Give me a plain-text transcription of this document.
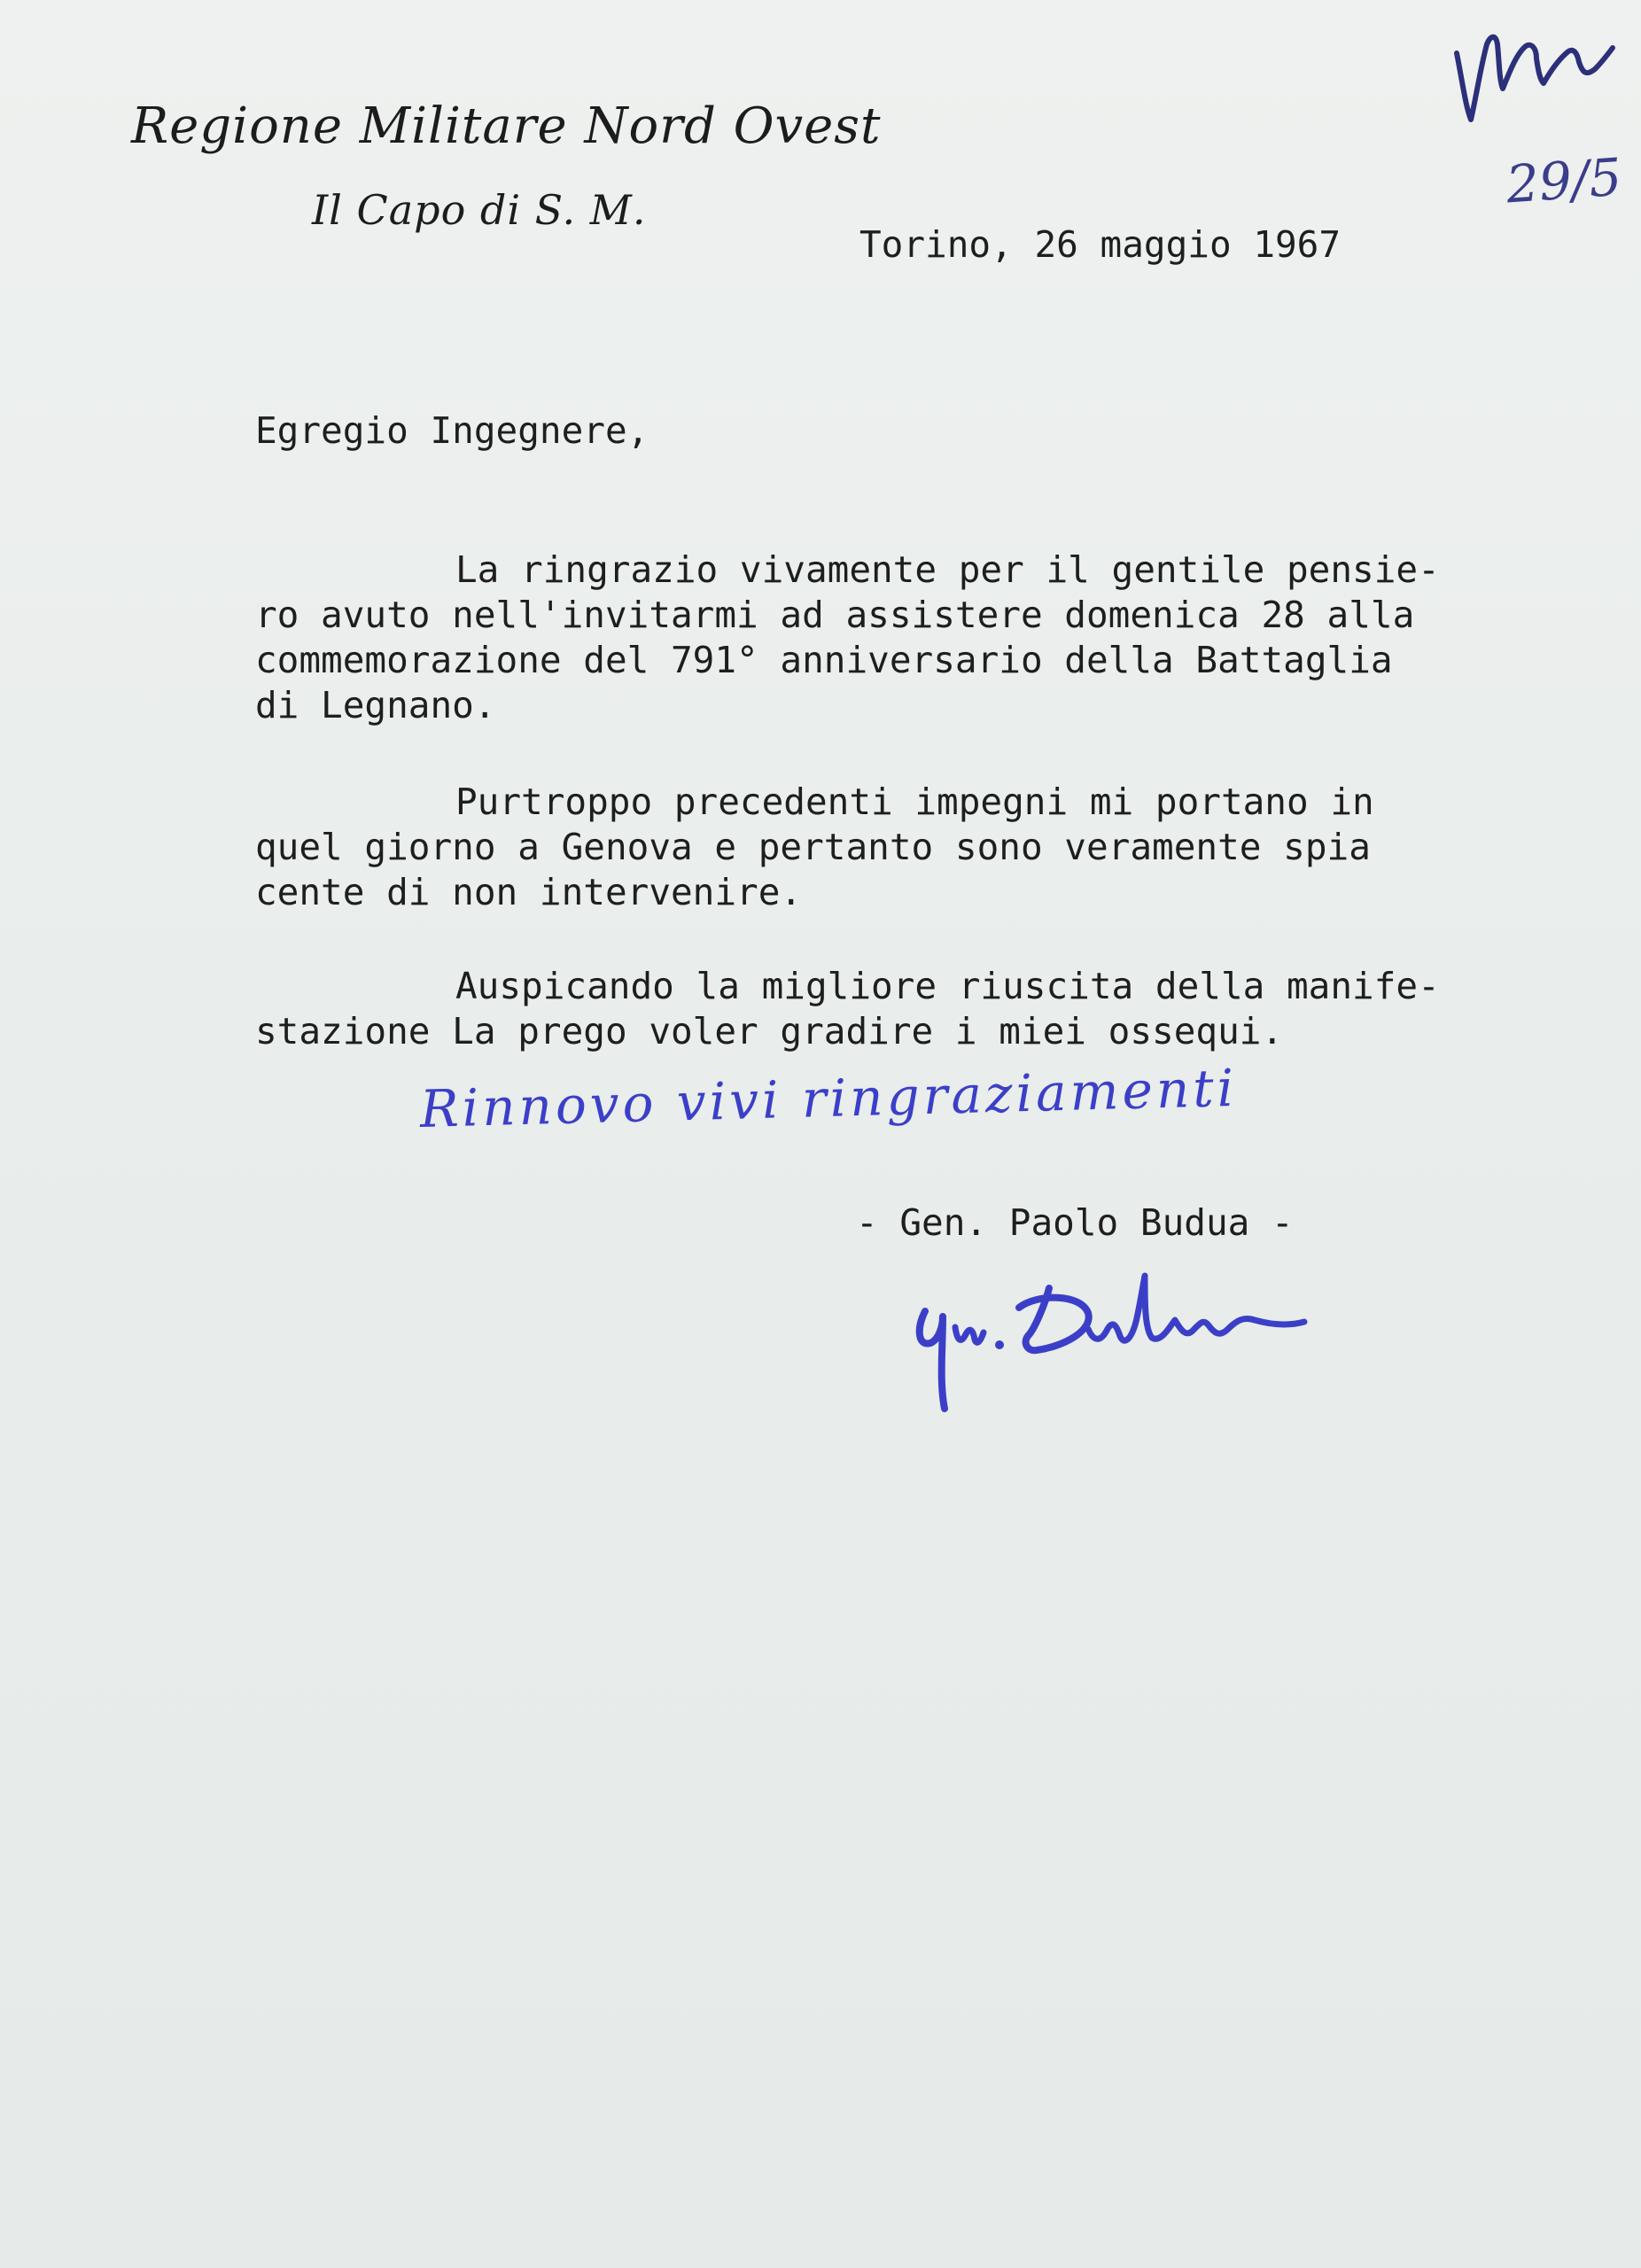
Regione Militare Nord Ovest
Il Capo di S. M.	29/5
Torino, 26 maggio 1967
Egregio Ingegnere,
La ringrazio vivamente per il gentile pensie-
ro avuto nell'invitarmi ad assistere domenica 28 alla
commemorazione del 791° anniversario della Battaglia
di Legnano.
Purtroppo precedenti impegni mi portano in
quel giorno a Genova e pertanto sono veramente spia
cente di non intervenire.
Auspicando la migliore riuscita della manife-
stazione La prego voler gradire i miei ossequi.
Rinnovo vivi ringraziamenti
- Gen. Paolo Budua -
